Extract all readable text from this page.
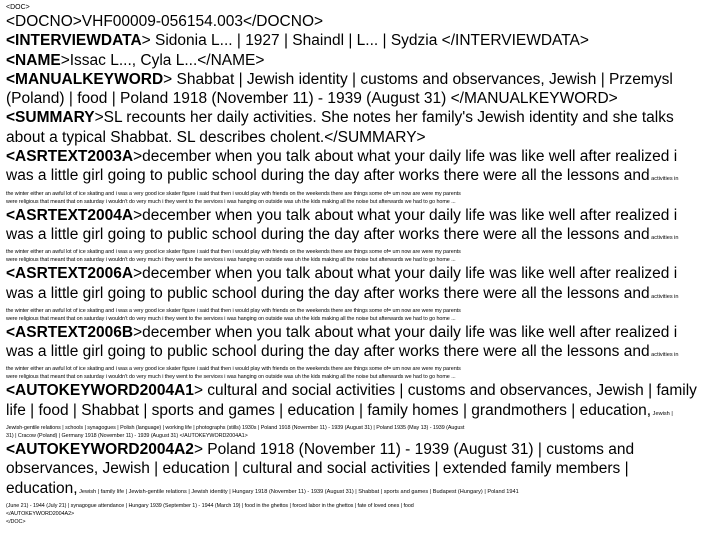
<DOC>
<DOCNO>VHF00009-056154.003</DOCNO>
<INTERVIEWDATA> Sidonia L... | 1927 | Shaindl | L... | Sydzia </INTERVIEWDATA>
<NAME>Issac L..., Cyla L...</NAME>
<MANUALKEYWORD> Shabbat | Jewish identity | customs and observances, Jewish | Przemysl
(Poland) | food | Poland 1918 (November 11) - 1939 (August 31) </MANUALKEYWORD>
<SUMMARY>SL recounts her daily activities. She notes her family's Jewish identity and she talks
about a typical Shabbat. SL describes cholent.</SUMMARY>
<ASRTEXT2003A>december when you talk about what your daily life was like well after realized i
was a little girl going to public school during the day after works there were all the lessons and activities in
the winter either an awful lot of ice skating and i was a very good ice skater figure i said that then i would play with friends on the weekends there are things some of= um now are were my parents
were religious that meant that on saturday i wouldn't do very much i they went to the services i was hanging on outside was uh the kids making all the noise but afterwards we had to go home ...
<ASRTEXT2004A>december when you talk about what your daily life was like well after realized i
was a little girl going to public school during the day after works there were all the lessons and activities in
the winter either an awful lot of ice skating and i was a very good ice skater figure i said that then i would play with friends on the weekends there are things some of= um now are were my parents
were religious that meant that on saturday i wouldn't do very much i they went to the services i was hanging on outside was uh the kids making all the noise but afterwards we had to go home ...
<ASRTEXT2006A>december when you talk about what your daily life was like well after realized i
was a little girl going to public school during the day after works there were all the lessons and activities in
the winter either an awful lot of ice skating and i was a very good ice skater figure i said that then i would play with friends on the weekends there are things some of= um now are were my parents
were religious that meant that on saturday i wouldn't do very much i they went to the services i was hanging on outside was uh the kids making all the noise but afterwards we had to go home ...
<ASRTEXT2006B>december when you talk about what your daily life was like well after realized i
was a little girl going to public school during the day after works there were all the lessons and activities in
the winter either an awful lot of ice skating and i was a very good ice skater figure i said that then i would play with friends on the weekends there are things some of= um now are were my parents
were religious that meant that on saturday i wouldn't do very much i they went to the services i was hanging on outside was uh the kids making all the noise but afterwards we had to go home ...
<AUTOKEYWORD2004A1> cultural and social activities | customs and observances, Jewish | family
life | food | Shabbat | sports and games | education | family homes | grandmothers | education, Jewish |
Jewish-gentile relations | schools | synagogues | Polish (language) | working life | photographs (stills) 1930s | Poland 1918 (November 11) - 1939 (August 31) | Poland 1935 (May 13) - 1939 (August
31) | Cracow (Poland) | Germany 1918 (November 11) - 1939 (August 31) </AUTOKEYWORD2004A1>
<AUTOKEYWORD2004A2> Poland 1918 (November 11) - 1939 (August 31) | customs and
observances, Jewish | education | cultural and social activities | extended family members |
education, Jewish | family life | Jewish-gentile relations | Jewish identity | Hungary 1918 (November 11) - 1939 (August 31) | Shabbat | sports and games | Budapest (Hungary) | Poland 1941
(June 21) - 1944 (July 21) | synagogue attendance | Hungary 1939 (September 1) - 1944 (March 19) | food in the ghettos | forced labor in the ghettos | fate of loved ones | food
</AUTOKEYWORD2004A2>
</DOC>
